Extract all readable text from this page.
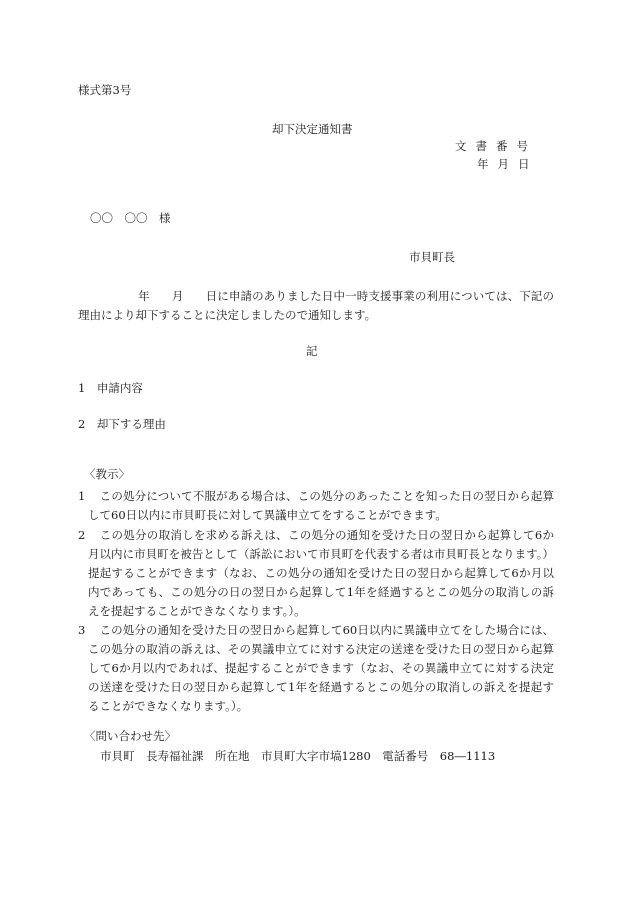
様式第3号
却下決定通知書
文書番号
年月日
〇〇　〇〇　様
市貝町長
年 月 日に申請のありました日中一時支援事業の利用については、下記の理由により却下することに決定しましたので通知します。
記
1　申請内容
2　却下する理由
〈教示〉
1 　この処分について不服がある場合は、この処分のあったことを知った日の翌日から起算して60日以内に市貝町長に対して異議申立てをすることができます。
2 　この処分の取消しを求める訴えは、この処分の通知を受けた日の翌日から起算して6か月以内に市貝町を被告として（訴訟において市貝町を代表する者は市貝町長となります。）提起することができます（なお、この処分の通知を受けた日の翌日から起算して6か月以内であっても、この処分の日の翌日から起算して1年を経過するとこの処分の取消しの訴えを提起することができなくなります。）。
3 　この処分の通知を受けた日の翌日から起算して60日以内に異議申立てをした場合には、この処分の取消の訴えは、その異議申立てに対する決定の送達を受けた日の翌日から起算して6か月以内であれば、提起することができます（なお、その異議申立てに対する決定の送達を受けた日の翌日から起算して1年を経過するとこの処分の取消しの訴えを提起することができなくなります。）。
〈問い合わせ先〉
市貝町　長寿福祉課　所在地　市貝町大字市塙1280　電話番号　68―1113
